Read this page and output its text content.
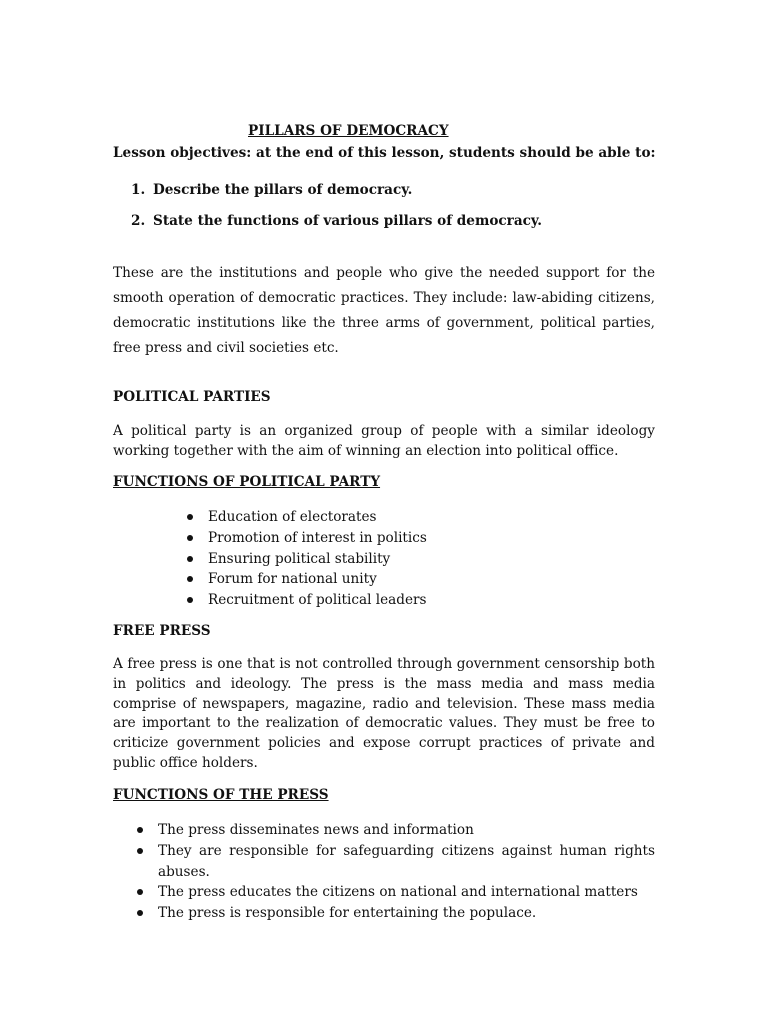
PILLARS OF DEMOCRACY

Lesson objectives: at the end of this lesson, students should be able to:

1. Describe the pillars of democracy.
2. State the functions of various pillars of democracy.

These are the institutions and people who give the needed support for the smooth operation of democratic practices. They include: law-abiding citizens, democratic institutions like the three arms of government, political parties, free press and civil societies etc.

POLITICAL PARTIES

A political party is an organized group of people with a similar ideology working together with the aim of winning an election into political office.

FUNCTIONS OF POLITICAL PARTY

Education of electorates
Promotion of interest in politics
Ensuring political stability
Forum for national unity
Recruitment of political leaders

FREE PRESS

A free press is one that is not controlled through government censorship both in politics and ideology. The press is the mass media and mass media comprise of newspapers, magazine, radio and television. These mass media are important to the realization of democratic values. They must be free to criticize government policies and expose corrupt practices of private and public office holders.

FUNCTIONS OF THE PRESS

The press disseminates news and information
They are responsible for safeguarding citizens against human rights abuses.
The press educates the citizens on national and international matters
The press is responsible for entertaining the populace.
